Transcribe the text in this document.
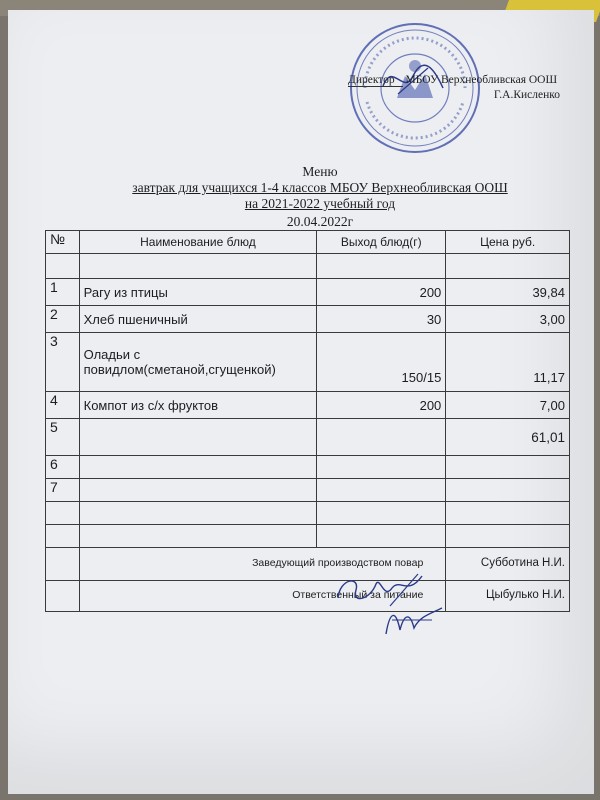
Директор МБОУ Верхнеобливская ООШ
Г.А.Кисленко
Меню
завтрак для учащихся 1-4 классов МБОУ Верхнеобливская ООШ
на 2021-2022 учебный год
20.04.2022г
№	Наименование блюд	Выход блюд(г)	Цена руб.

1	Рагу из птицы	200	39,84
2	Хлеб пшеничный	30	3,00
3	Оладьи с повидлом(сметаной,сгущенкой)	150/15	11,17
4	Компот из с/х фруктов	200	7,00
5			61,01
6			
7			

	Заведующий производством повар		Субботина Н.И.
	Ответственный за питание		Цыбулько Н.И.
